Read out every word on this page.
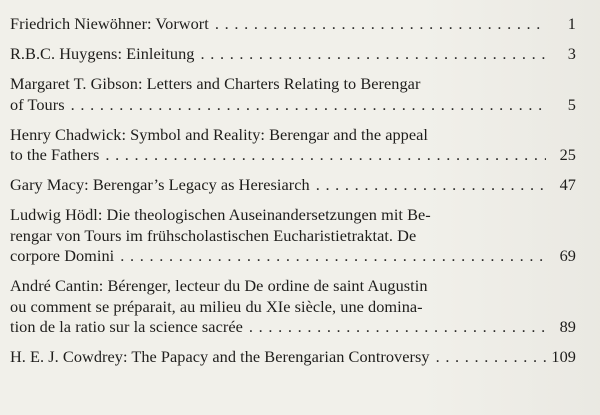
Friedrich Niewöhner: Vorwort . . .	1
R.B.C. Huygens: Einleitung . . .	3
Margaret T. Gibson: Letters and Charters Relating to Berengar
of Tours . . .	5
Henry Chadwick: Symbol and Reality: Berengar and the appeal
to the Fathers . . .	25
Gary Macy: Berengar’s Legacy as Heresiarch . . .	47
Ludwig Hödl: Die theologischen Auseinandersetzungen mit Be-
rengar von Tours im frühscholastischen Eucharistietraktat. De
corpore Domini . . .	69
André Cantin: Bérenger, lecteur du De ordine de saint Augustin
ou comment se préparait, au milieu du XIe siècle, une domina-
tion de la ratio sur la science sacrée . . .	89
H. E. J. Cowdrey: The Papacy and the Berengarian Controversy . . .	109
